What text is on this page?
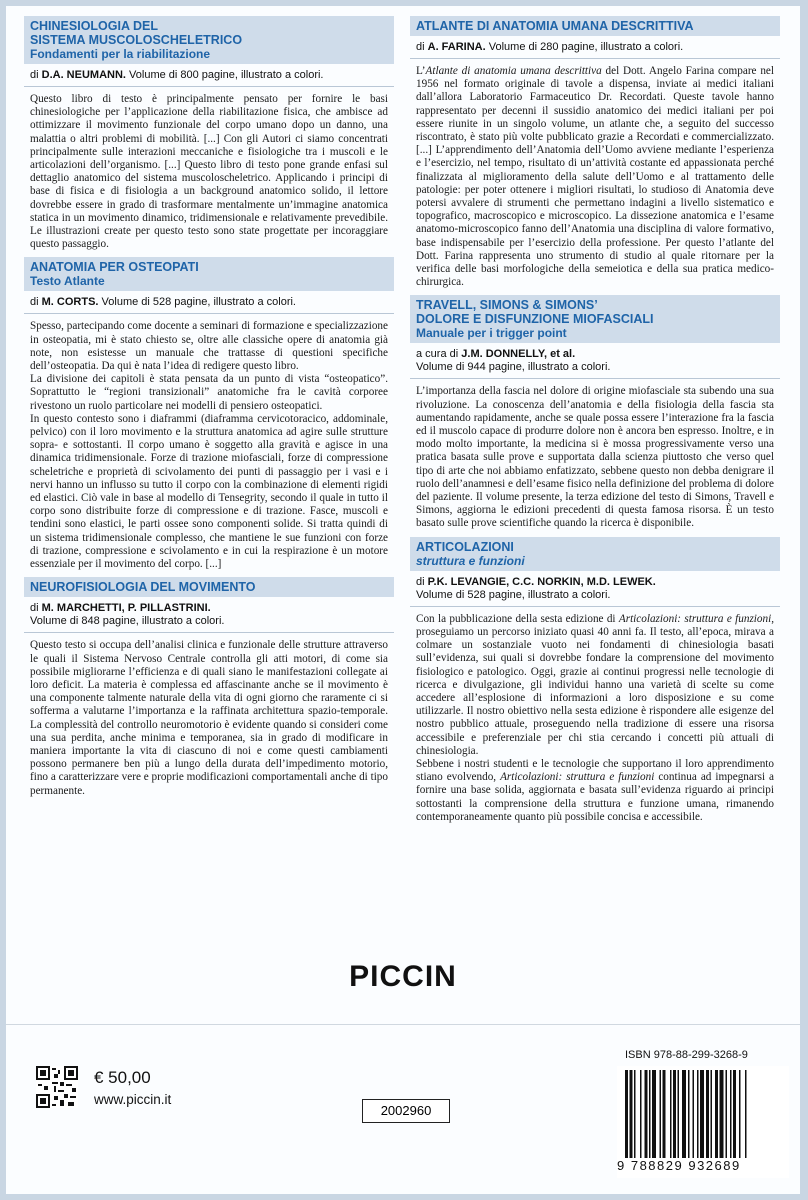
CHINESIOLOGIA DEL
SISTEMA MUSCOLOSCHELETRICO
Fondamenti per la riabilitazione
di D.A. NEUMANN. Volume di 800 pagine, illustrato a colori.

Questo libro di testo è principalmente pensato per fornire le basi chinesiologiche per l’applicazione della riabilitazione fisica, che ambisce ad ottimizzare il movimento funzionale del corpo umano dopo un danno, una malattia o altri problemi di mobilità. [...] Con gli Autori ci siamo concentrati principalmente sulle interazioni meccaniche e fisiologiche tra i muscoli e le articolazioni dell’organismo. [...] Questo libro di testo pone grande enfasi sul dettaglio anatomico del sistema muscoloscheletrico. Applicando i principi di base di fisica e di fisiologia a un background anatomico solido, il lettore dovrebbe essere in grado di trasformare mentalmente un’immagine anatomica statica in un movimento dinamico, tridimensionale e relativamente prevedibile. Le illustrazioni create per questo testo sono state progettate per incoraggiare questo passaggio.

ANATOMIA PER OSTEOPATI
Testo Atlante
di M. CORTS. Volume di 528 pagine, illustrato a colori.

Spesso, partecipando come docente a seminari di formazione e specializzazione in osteopatia, mi è stato chiesto se, oltre alle classiche opere di anatomia già note, non esistesse un manuale che trattasse di questioni specifiche dell’osteopatia. Da qui è nata l’idea di redigere questo libro.

La divisione dei capitoli è stata pensata da un punto di vista “osteopatico”. Soprattutto le “regioni transizionali” anatomiche fra le cavità corporee rivestono un ruolo particolare nei modelli di pensiero osteopatici.

In questo contesto sono i diaframmi (diaframma cervicotoracico, addominale, pelvico) con il loro movimento e la struttura anatomica ad agire sulle strutture sopra- e sottostanti. Il corpo umano è soggetto alla gravità e agisce in una dinamica tridimensionale. Forze di trazione miofasciali, forze di compressione scheletriche e proprietà di scivolamento dei punti di passaggio per i vasi e i nervi hanno un influsso su tutto il corpo con la combinazione di elementi rigidi ed elastici. Ciò vale in base al modello di Tensegrity, secondo il quale in tutto il corpo sono distribuite forze di compressione e di trazione. Fasce, muscoli e tendini sono elastici, le parti ossee sono componenti solide. Si tratta quindi di un sistema tridimensionale complesso, che mantiene le sue funzioni con forze di trazione, compressione e scivolamento e in cui la respirazione è un motore essenziale per il movimento del corpo. [...]

NEUROFISIOLOGIA DEL MOVIMENTO
di M. MARCHETTI, P. PILLASTRINI.
Volume di 848 pagine, illustrato a colori.

Questo testo si occupa dell’analisi clinica e funzionale delle strutture attraverso le quali il Sistema Nervoso Centrale controlla gli atti motori, di come sia possibile migliorarne l’efficienza e di quali siano le manifestazioni collegate ai loro deficit. La materia è complessa ed affascinante anche se il movimento è una componente talmente naturale della vita di ogni giorno che raramente ci si sofferma a valutarne l’importanza e la raffinata architettura spazio-temporale. La complessità del controllo neuromotorio è evidente quando si consideri come una sua perdita, anche minima e temporanea, sia in grado di modificare in maniera importante la vita di ciascuno di noi e come questi cambiamenti possono permanere ben più a lungo della durata dell’impedimento motorio, fino a caratterizzare vere e proprie modificazioni comportamentali anche di tipo permanente.

ATLANTE DI ANATOMIA UMANA DESCRITTIVA
di A. FARINA. Volume di 280 pagine, illustrato a colori.

L’Atlante di anatomia umana descrittiva del Dott. Angelo Farina compare nel 1956 nel formato originale di tavole a dispensa, inviate ai medici italiani dall’allora Laboratorio Farmaceutico Dr. Recordati. Queste tavole hanno rappresentato per decenni il sussidio anatomico dei medici italiani per poi essere riunite in un singolo volume, un atlante che, a seguito del successo riscontrato, è stato più volte pubblicato grazie a Recordati e commercializzato. [...] L’apprendimento dell’Anatomia dell’Uomo avviene mediante l’esperienza e l’esercizio, nel tempo, risultato di un’attività costante ed appassionata perché finalizzata al miglioramento della salute dell’Uomo e al trattamento delle patologie: per poter ottenere i migliori risultati, lo studioso di Anatomia deve potersi avvalere di strumenti che permettano indagini a livello sistematico e topografico, macroscopico e microscopico. La dissezione anatomica e l’esame anatomo-microscopico fanno dell’Anatomia una disciplina di valore formativo, base indispensabile per l’esercizio della professione. Per questo l’atlante del Dott. Farina rappresenta uno strumento di studio al quale ritornare per la verifica delle basi morfologiche della semeiotica e della sua pratica medico-chirurgica.

TRAVELL, SIMONS & SIMONS’
DOLORE E DISFUNZIONE MIOFASCIALI
Manuale per i trigger point
a cura di J.M. DONNELLY, et al.
Volume di 944 pagine, illustrato a colori.

L’importanza della fascia nel dolore di origine miofasciale sta subendo una sua rivoluzione. La conoscenza dell’anatomia e della fisiologia della fascia sta aumentando rapidamente, anche se quale possa essere l’interazione fra la fascia ed il muscolo capace di produrre dolore non è ancora ben espresso. Inoltre, e in modo molto importante, la medicina si è mossa progressivamente verso una pratica basata sulle prove e supportata dalla scienza piuttosto che verso quel tipo di arte che noi abbiamo enfatizzato, sebbene questo non debba denigrare il ruolo dell’anamnesi e dell’esame fisico nella definizione del problema di dolore del paziente. Il volume presente, la terza edizione del testo di Simons, Travell e Simons, aggiorna le edizioni precedenti di questa famosa risorsa. È un testo basato sulle prove scientifiche quando la ricerca è disponibile.

ARTICOLAZIONI
struttura e funzioni
di P.K. LEVANGIE, C.C. NORKIN, M.D. LEWEK.
Volume di 528 pagine, illustrato a colori.

Con la pubblicazione della sesta edizione di Articolazioni: struttura e funzioni, proseguiamo un percorso iniziato quasi 40 anni fa. Il testo, all’epoca, mirava a colmare un sostanziale vuoto nei fondamenti di chinesiologia basati sull’evidenza, sui quali si dovrebbe fondare la comprensione del movimento fisiologico e patologico. Oggi, grazie ai continui progressi nelle tecnologie di ricerca e divulgazione, gli individui hanno una varietà di scelte su come accedere all’esplosione di informazioni a loro disposizione e su come utilizzarle. Il nostro obiettivo nella sesta edizione è rispondere alle esigenze del nostro pubblico attuale, proseguendo nella tradizione di essere una risorsa accessibile e preferenziale per chi stia cercando i concetti più attuali di chinesiologia.

Sebbene i nostri studenti e le tecnologie che supportano il loro apprendimento stiano evolvendo, Articolazioni: struttura e funzioni continua ad impegnarsi a fornire una base solida, aggiornata e basata sull’evidenza riguardo ai principi sottostanti la comprensione della struttura e funzione umana, rimanendo contemporaneamente quanto più possibile concisa e accessibile.

PICCIN
€ 50,00
www.piccin.it
2002960
ISBN 978-88-299-3268-9
9 788829 932689
